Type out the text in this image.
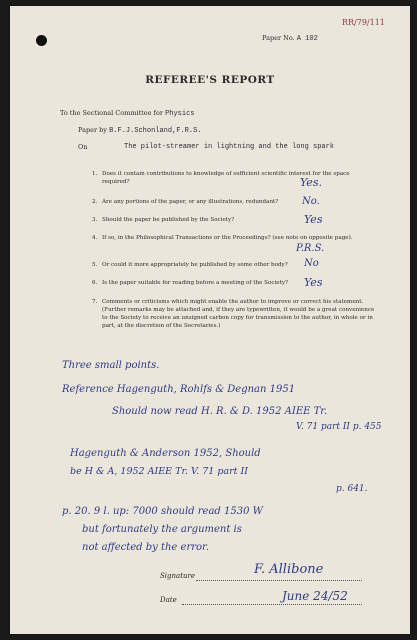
RR/79/111
Paper No. A 102
REFEREE'S REPORT
To the Sectional Committee for Physics
Paper by B.F.J.Schonland,F.R.S.
On	The pilot-streamer in lightning and the long spark
1. Does it contain contributions to knowledge of sufficient scientific interest for the space required?	Yes.
2. Are any portions of the paper, or any illustrations, redundant?	No.
3. Should the paper be published by the Society?	Yes
4. If so, in the Philosophical Transactions or the Proceedings? (see note on opposite page).
P.R.S.
5. Or could it more appropriately be published by some other body?	No
6. Is the paper suitable for reading before a meeting of the Society?	Yes
7. Comments or criticisms which might enable the author to improve or correct his statement. (Further remarks may be attached and, if they are typewritten, it would be a great convenience to the Society to receive an unsigned carbon copy for transmission to the author, in whole or in part, at the discretion of the Secretaries.)
Three small points.
Reference Hagenguth, Rohlfs & Degnan 1951
Should now read H. R. & D. 1952 AIEE Tr.
V. 71 part II p. 455
Hagenguth & Anderson 1952, Should
be H & A, 1952 AIEE Tr. V. 71 part II
p. 641.
p. 20. 9 l. up: 7000 should read 1530 W
but fortunately the argument is
not affected by the error.
Signature	F. Allibone
Date	June 24/52
